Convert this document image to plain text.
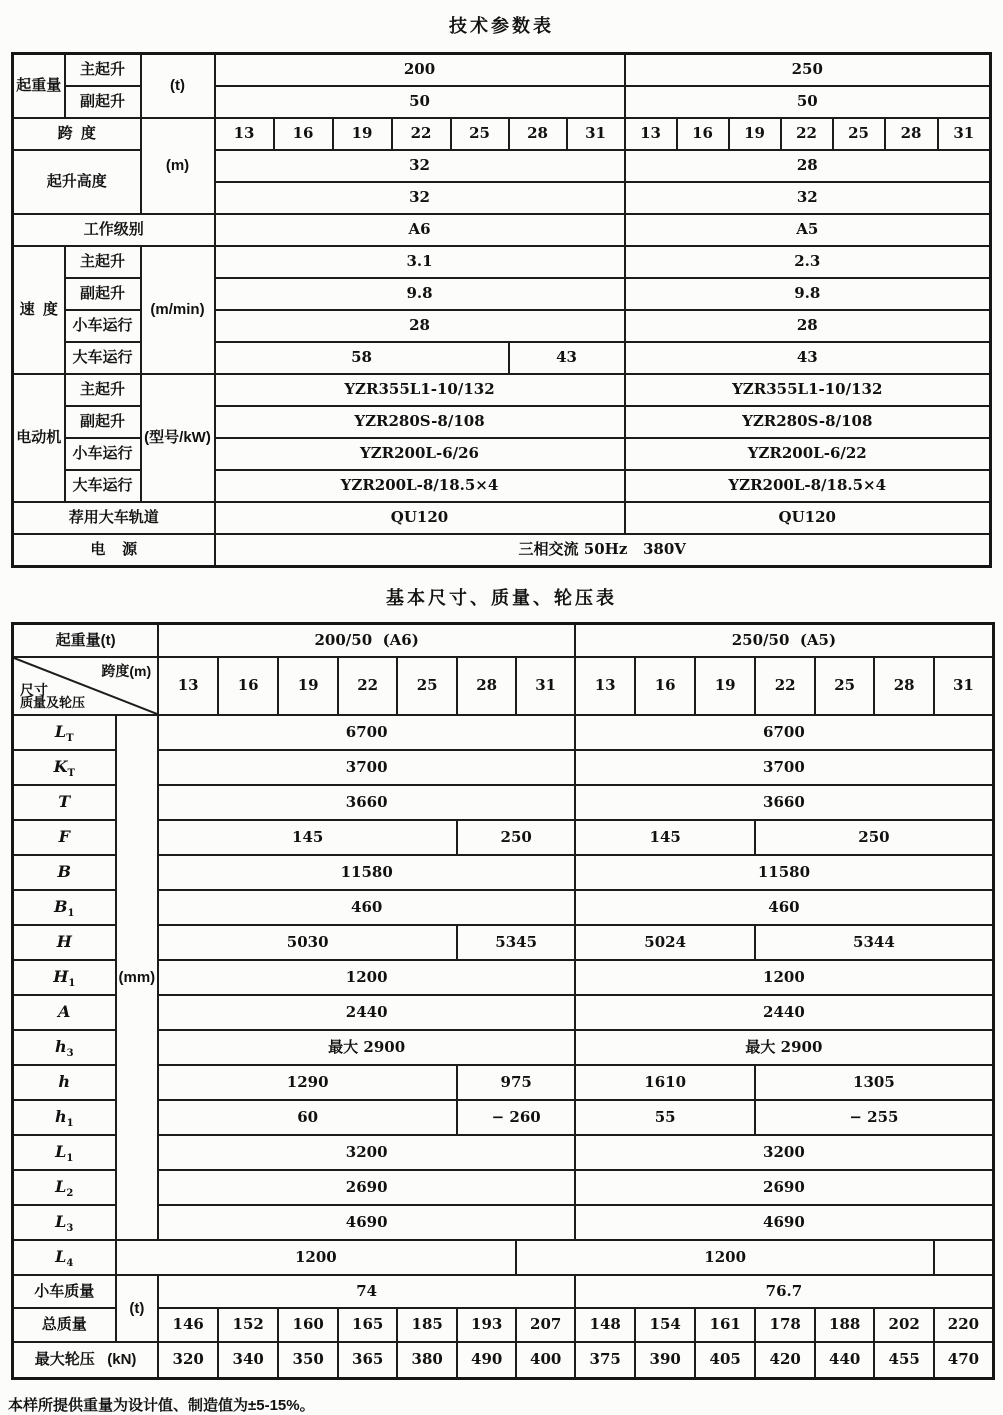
技术参数表
起重量	主起升	(t)	200							250						
	副起升		50							50						
跨  度		(m)	13	16	19	22	25	28	31	13	16	19	22	25	28	31
起升高度			32							28						
			32							32						
工作级别			A6							A5						
速  度	主起升	(m/min)	3.1							2.3						
	副起升		9.8							9.8						
	小车运行		28							28						
	大车运行		58					43		43						
电动机	主起升	(型号/kW)	YZR355L1-10/132							YZR355L1-10/132						
	副起升		YZR280S-8/108							YZR280S-8/108						
	小车运行		YZR200L-6/26							YZR200L-6/22						
	大车运行		YZR200L-8/18.5×4							YZR200L-8/18.5×4						
荐用大车轨道			QU120							QU120						
电    源			三相交流 50Hz   380V													
基本尺寸、质量、轮压表
起重量(t)		200/50  (A6)							250/50  (A5)						

跨度(m)
尺寸
质量及轮压		13	16	19	22	25	28	31	13	16	19	22	25	28	31
$L_T$	(mm)	6700							6700						
$K_T$		3700							3700						
T		3660							3660						
F		145					250		145			250			
B		11580							11580						
$B_1$		460							460						
H		5030					5345		5024			5344			
$H_1$		1200							1200						
A		2440							2440						
$h_3$		最大 2900							最大 2900						
h		1290					975		1610			1305			
$h_1$		60					− 260		55			− 255			
$L_1$		3200							3200						
$L_2$		2690							2690						
$L_3$		4690							4690						
$L_4$	1200							1200							
小车质量	(t)	74							76.7						
总质量		146	152	160	165	185	193	207	148	154	161	178	188	202	220
最大轮压   (kN)		320	340	350	365	380	490	400	375	390	405	420	440	455	470

本样所提供重量为设计值、制造值为±5-15%。
